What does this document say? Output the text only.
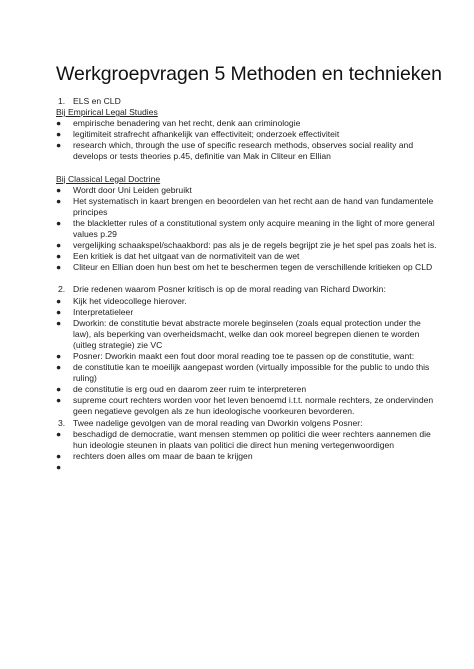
Werkgroepvragen 5 Methoden en technieken
1. ELS en CLD
Bij Empirical Legal Studies
● empirische benadering van het recht, denk aan criminologie
● legitimiteit strafrecht afhankelijk van effectiviteit; onderzoek effectiviteit
● research which, through the use of specific research methods, observes social reality and develops or tests theories p.45, definitie van Mak in Cliteur en Ellian
Bij Classical Legal Doctrine
● Wordt door Uni Leiden gebruikt
● Het systematisch in kaart brengen en beoordelen van het recht aan de hand van fundamentele principes
● the blackletter rules of a constitutional system only acquire meaning in the light of more general values p.29
● vergelijking schaakspel/schaakbord: pas als je de regels begrijpt zie je het spel pas zoals het is.
● Een kritiek is dat het uitgaat van de normativiteit van de wet
● Cliteur en Ellian doen hun best om het te beschermen tegen de verschillende kritieken op CLD
2. Drie redenen waarom Posner kritisch is op de moral reading van Richard Dworkin:
● Kijk het videocollege hierover.
● Interpretatieleer
● Dworkin: de constitutie bevat abstracte morele beginselen (zoals equal protection under the law), als beperking van overheidsmacht, welke dan ook moreel begrepen dienen te worden (uitleg strategie) zie VC
● Posner: Dworkin maakt een fout door moral reading toe te passen op de constitutie, want:
● de constitutie kan te moeilijk aangepast worden (virtually impossible for the public to undo this ruling)
● de constitutie is erg oud en daarom zeer ruim te interpreteren
● supreme court rechters worden voor het leven benoemd i.t.t. normale rechters, ze ondervinden geen negatieve gevolgen als ze hun ideologische voorkeuren bevorderen.
3. Twee nadelige gevolgen van de moral reading van Dworkin volgens Posner:
● beschadigd de democratie, want mensen stemmen op politici die weer rechters aannemen die hun ideologie steunen in plaats van politici die direct hun mening vertegenwoordigen
● rechters doen alles om maar de baan te krijgen
●
